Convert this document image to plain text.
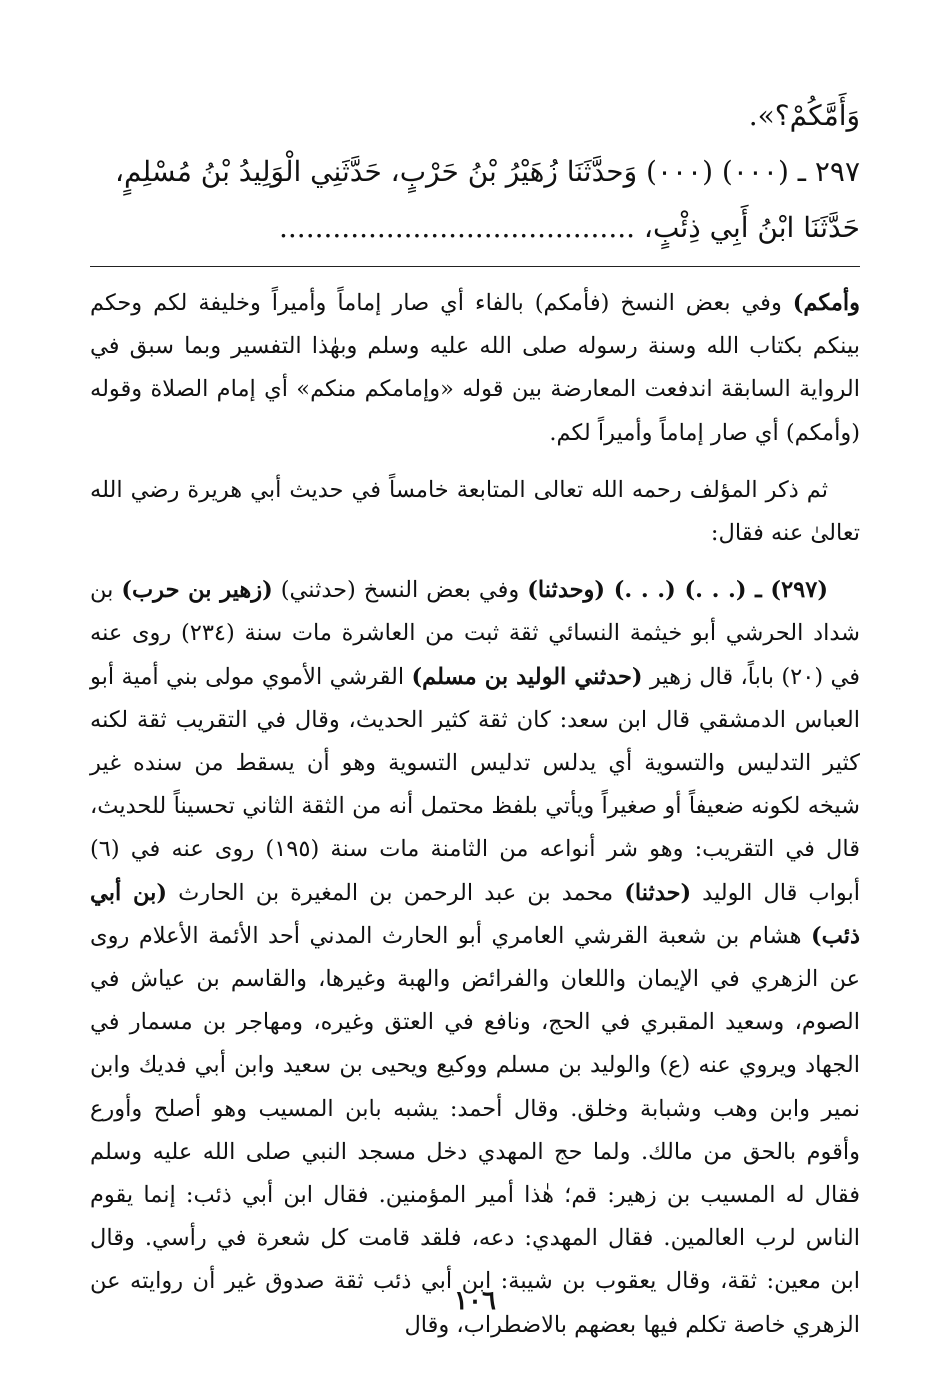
وَأَمَّكُمْ؟».
٢٩٧ ـ (٠٠٠) (٠٠٠) وَحدَّثَنَا زُهَيْرُ بْنُ حَرْبٍ، حَدَّثَنِي الْوَلِيدُ بْنُ مُسْلِمٍ،
حَدَّثَنَا ابْنُ أَبِي ذِئْبٍ، ........................................

وأمكم) وفي بعض النسخ (فأمكم) بالفاء أي صار إماماً وأميراً وخليفة لكم وحكم بينكم بكتاب الله وسنة رسوله صلى الله عليه وسلم وبهٰذا التفسير وبما سبق في الرواية السابقة اندفعت المعارضة بين قوله «وإمامكم منكم» أي إمام الصلاة وقوله (وأمكم) أي صار إماماً وأميراً لكم.

ثم ذكر المؤلف رحمه الله تعالى المتابعة خامساً في حديث أبي هريرة رضي الله تعالىٰ عنه فقال:

(٢٩٧) ـ (. . .) (. . .) (وحدثنا) وفي بعض النسخ (حدثني) (زهير بن حرب) بن شداد الحرشي أبو خيثمة النسائي ثقة ثبت من العاشرة مات سنة (٢٣٤) روى عنه في (٢٠) باباً، قال زهير (حدثني الوليد بن مسلم) القرشي الأموي مولى بني أمية أبو العباس الدمشقي قال ابن سعد: كان ثقة كثير الحديث، وقال في التقريب ثقة لكنه كثير التدليس والتسوية أي يدلس تدليس التسوية وهو أن يسقط من سنده غير شيخه لكونه ضعيفاً أو صغيراً ويأتي بلفظ محتمل أنه من الثقة الثاني تحسيناً للحديث، قال في التقريب: وهو شر أنواعه من الثامنة مات سنة (١٩٥) روى عنه في (٦) أبواب قال الوليد (حدثنا) محمد بن عبد الرحمن بن المغيرة بن الحارث (بن أبي ذئب) هشام بن شعبة القرشي العامري أبو الحارث المدني أحد الأئمة الأعلام روى عن الزهري في الإيمان واللعان والفرائض والهبة وغيرها، والقاسم بن عياش في الصوم، وسعيد المقبري في الحج، ونافع في العتق وغيره، ومهاجر بن مسمار في الجهاد ويروي عنه (ع) والوليد بن مسلم ووكيع ويحيى بن سعيد وابن أبي فديك وابن نمير وابن وهب وشبابة وخلق. وقال أحمد: يشبه بابن المسيب وهو أصلح وأورع وأقوم بالحق من مالك. ولما حج المهدي دخل مسجد النبي صلى الله عليه وسلم فقال له المسيب بن زهير: قم؛ هٰذا أمير المؤمنين. فقال ابن أبي ذئب: إنما يقوم الناس لرب العالمين. فقال المهدي: دعه، فلقد قامت كل شعرة في رأسي. وقال ابن معين: ثقة، وقال يعقوب بن شيبة: ابن أبي ذئب ثقة صدوق غير أن روايته عن الزهري خاصة تكلم فيها بعضهم بالاضطراب، وقال

١٠٦
